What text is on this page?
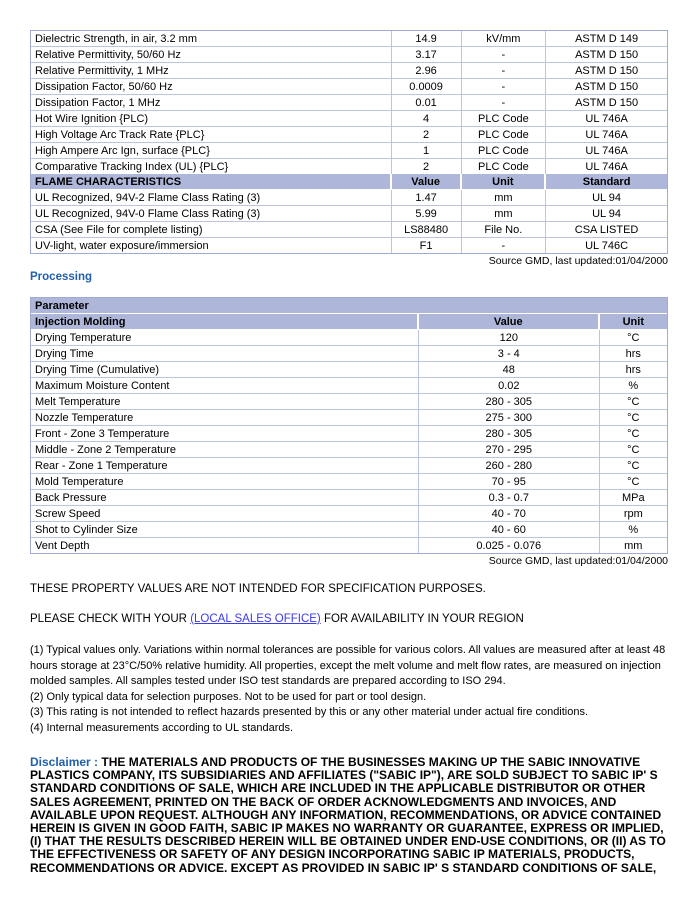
Dielectric Strength, in air, 3.2 mm	14.9	kV/mm	ASTM D 149
Relative Permittivity, 50/60 Hz	3.17	-	ASTM D 150
Relative Permittivity, 1 MHz	2.96	-	ASTM D 150
Dissipation Factor, 50/60 Hz	0.0009	-	ASTM D 150
Dissipation Factor, 1 MHz	0.01	-	ASTM D 150
Hot Wire Ignition {PLC)	4	PLC Code	UL 746A
High Voltage Arc Track Rate {PLC}	2	PLC Code	UL 746A
High Ampere Arc Ign, surface {PLC}	1	PLC Code	UL 746A
Comparative Tracking Index (UL) {PLC}	2	PLC Code	UL 746A
FLAME CHARACTERISTICS	Value	Unit	Standard
UL Recognized, 94V-2 Flame Class Rating (3)	1.47	mm	UL 94
UL Recognized, 94V-0 Flame Class Rating (3)	5.99	mm	UL 94
CSA (See File for complete listing)	LS88480	File No.	CSA LISTED
UV-light, water exposure/immersion	F1	-	UL 746C
Source GMD, last updated:01/04/2000
Processing
Parameter		
Injection Molding	Value	Unit
Drying Temperature	120	°C
Drying Time	3 - 4	hrs
Drying Time (Cumulative)	48	hrs
Maximum Moisture Content	0.02	%
Melt Temperature	280 - 305	°C
Nozzle Temperature	275 - 300	°C
Front - Zone 3 Temperature	280 - 305	°C
Middle - Zone 2 Temperature	270 - 295	°C
Rear - Zone 1 Temperature	260 - 280	°C
Mold Temperature	70 - 95	°C
Back Pressure	0.3 - 0.7	MPa
Screw Speed	40 - 70	rpm
Shot to Cylinder Size	40 - 60	%
Vent Depth	0.025 - 0.076	mm
Source GMD, last updated:01/04/2000

THESE PROPERTY VALUES ARE NOT INTENDED FOR SPECIFICATION PURPOSES.

PLEASE CHECK WITH YOUR (LOCAL SALES OFFICE) FOR AVAILABILITY IN YOUR REGION

(1) Typical values only. Variations within normal tolerances are possible for various colors. All values are measured after at least 48 hours storage at 23°C/50% relative humidity. All properties, except the melt volume and melt flow rates, are measured on injection molded samples. All samples tested under ISO test standards are prepared according to ISO 294.
(2) Only typical data for selection purposes. Not to be used for part or tool design.
(3) This rating is not intended to reflect hazards presented by this or any other material under actual fire conditions.
(4) Internal measurements according to UL standards.
Disclaimer : THE MATERIALS AND PRODUCTS OF THE BUSINESSES MAKING UP THE SABIC INNOVATIVE PLASTICS COMPANY, ITS SUBSIDIARIES AND AFFILIATES ("SABIC IP"), ARE SOLD SUBJECT TO SABIC IP' S STANDARD CONDITIONS OF SALE, WHICH ARE INCLUDED IN THE APPLICABLE DISTRIBUTOR OR OTHER SALES AGREEMENT, PRINTED ON THE BACK OF ORDER ACKNOWLEDGMENTS AND INVOICES, AND AVAILABLE UPON REQUEST. ALTHOUGH ANY INFORMATION, RECOMMENDATIONS, OR ADVICE CONTAINED HEREIN IS GIVEN IN GOOD FAITH, SABIC IP MAKES NO WARRANTY OR GUARANTEE, EXPRESS OR IMPLIED, (I) THAT THE RESULTS DESCRIBED HEREIN WILL BE OBTAINED UNDER END-USE CONDITIONS, OR (II) AS TO THE EFFECTIVENESS OR SAFETY OF ANY DESIGN INCORPORATING SABIC IP MATERIALS, PRODUCTS, RECOMMENDATIONS OR ADVICE. EXCEPT AS PROVIDED IN SABIC IP' S STANDARD CONDITIONS OF SALE,
